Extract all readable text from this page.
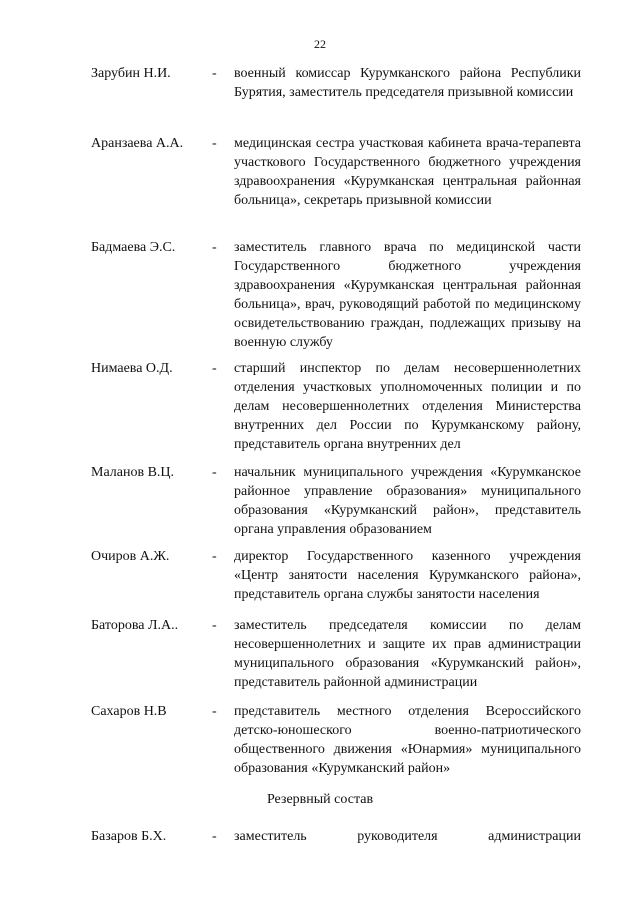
22
Зарубин Н.И.	- военный комиссар Курумканского района Республики Бурятия, заместитель председателя призывной комиссии
Аранзаева А.А. - медицинская сестра участковая кабинета врача-терапевта участкового Государственного бюджетного учреждения здравоохранения «Курумканская центральная районная больница», секретарь призывной комиссии
Бадмаева Э.С.	- заместитель главного врача по медицинской части Государственного бюджетного учреждения здравоохранения «Курумканская центральная районная больница», врач, руководящий работой по медицинскому освидетельствованию граждан, подлежащих призыву на военную службу
Нимаева О.Д.	- старший инспектор по делам несовершеннолетних отделения участковых уполномоченных полиции и по делам несовершеннолетних отделения Министерства внутренних дел России по Курумканскому району, представитель органа внутренних дел
Маланов В.Ц.	- начальник муниципального учреждения «Курумканское районное управление образования» муниципального образования «Курумканский район», представитель органа управления образованием
Очиров А.Ж.	- директор Государственного казенного учреждения «Центр занятости населения Курумканского района», представитель органа службы занятости населения
Баторова Л.А.. - заместитель председателя комиссии по делам несовершеннолетних и защите их прав администрации муниципального образования «Курумканский район», представитель районной администрации
Сахаров Н.В	- представитель местного отделения Всероссийского детско-юношеского военно-патриотического общественного движения «Юнармия» муниципального образования «Курумканский район»
Резервный состав
Базаров Б.Х.	- заместитель руководителя администрации
